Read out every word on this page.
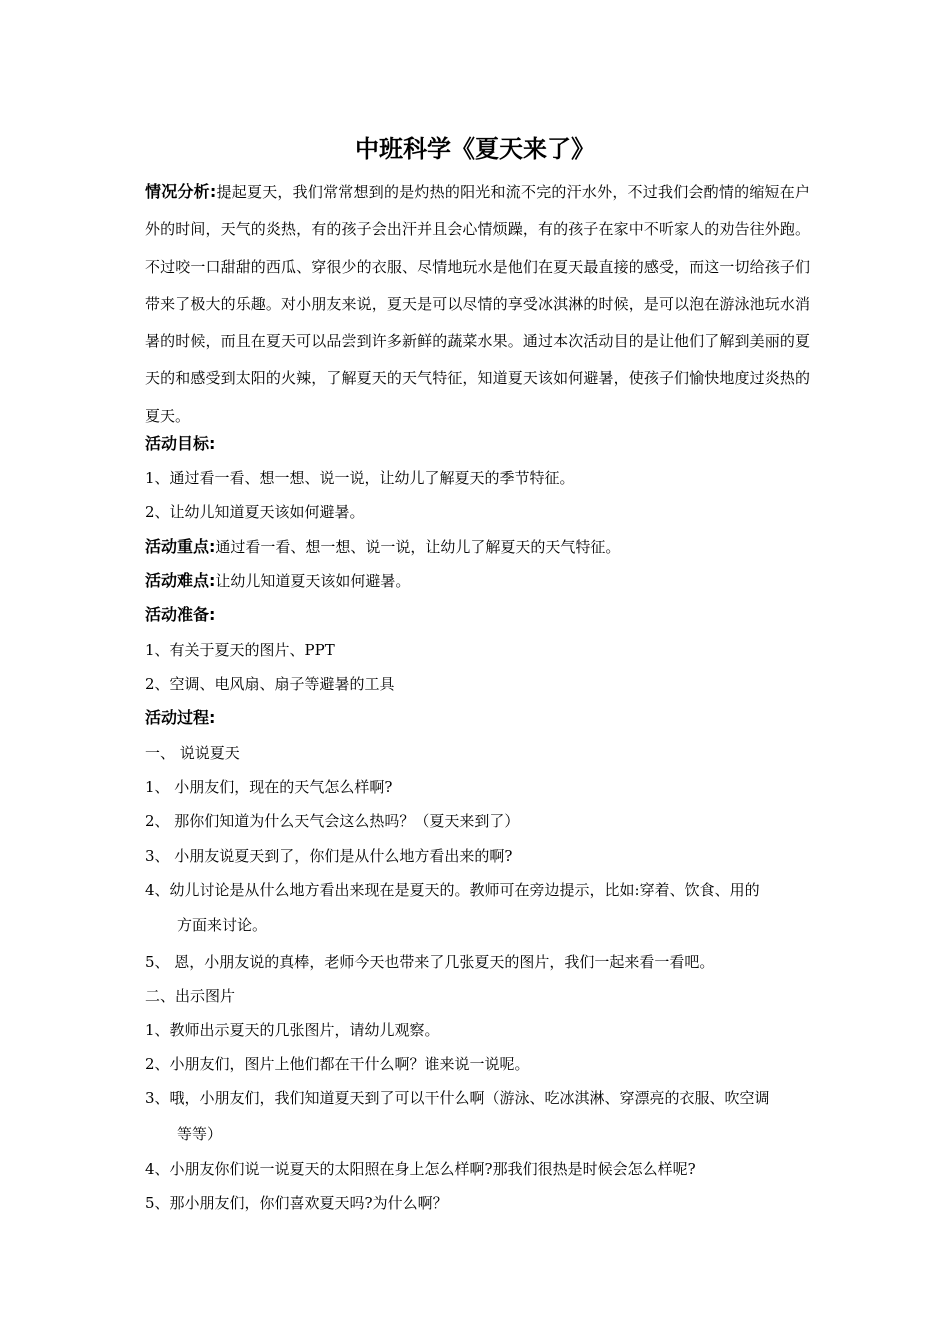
中班科学《夏天来了》

情况分析:提起夏天，我们常常想到的是灼热的阳光和流不完的汗水外，不过我们会酌情的缩短在户外的时间，天气的炎热，有的孩子会出汗并且会心情烦躁，有的孩子在家中不听家人的劝告往外跑。不过咬一口甜甜的西瓜、穿很少的衣服、尽情地玩水是他们在夏天最直接的感受，而这一切给孩子们带来了极大的乐趣。对小朋友来说，夏天是可以尽情的享受冰淇淋的时候，是可以泡在游泳池玩水消暑的时候，而且在夏天可以品尝到许多新鲜的蔬菜水果。通过本次活动目的是让他们了解到美丽的夏天的和感受到太阳的火辣，了解夏天的天气特征，知道夏天该如何避暑，使孩子们愉快地度过炎热的夏天。

活动目标:
1、通过看一看、想一想、说一说，让幼儿了解夏天的季节特征。
2、让幼儿知道夏天该如何避暑。
活动重点:通过看一看、想一想、说一说，让幼儿了解夏天的天气特征。
活动难点:让幼儿知道夏天该如何避暑。
活动准备:
1、有关于夏天的图片、PPT
2、空调、电风扇、扇子等避暑的工具
活动过程:
一、 说说夏天
1、 小朋友们，现在的天气怎么样啊?
2、 那你们知道为什么天气会这么热吗？（夏天来到了）
3、 小朋友说夏天到了，你们是从什么地方看出来的啊?
4、幼儿讨论是从什么地方看出来现在是夏天的。教师可在旁边提示，比如:穿着、饮食、用的
方面来讨论。
5、 恩，小朋友说的真棒，老师今天也带来了几张夏天的图片，我们一起来看一看吧。
二、出示图片
1、教师出示夏天的几张图片，请幼儿观察。
2、小朋友们，图片上他们都在干什么啊？谁来说一说呢。
3、哦，小朋友们，我们知道夏天到了可以干什么啊（游泳、吃冰淇淋、穿漂亮的衣服、吹空调
等等）
4、小朋友你们说一说夏天的太阳照在身上怎么样啊?那我们很热是时候会怎么样呢?
5、那小朋友们，你们喜欢夏天吗?为什么啊？
